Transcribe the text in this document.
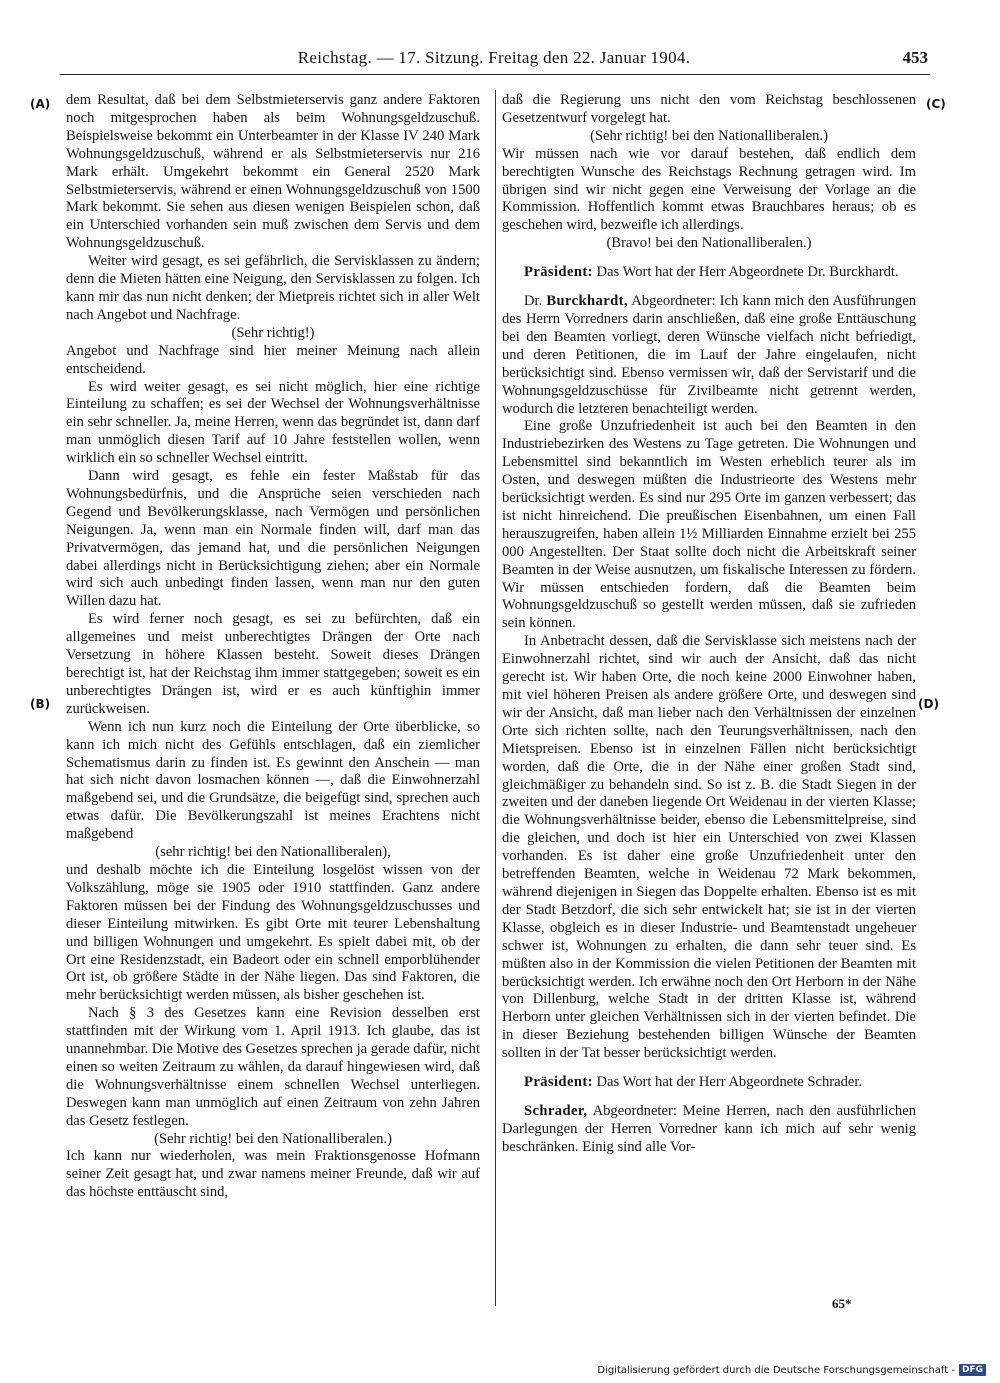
Reichstag. — 17. Sitzung. Freitag den 22. Januar 1904.	453
(A)
(B)
(C)
(D)

dem Resultat, daß bei dem Selbstmieterservis ganz andere Faktoren noch mitgesprochen haben als beim Wohnungsgeldzuschuß. Beispielsweise bekommt ein Unterbeamter in der Klasse IV 240 Mark Wohnungsgeldzuschuß, während er als Selbstmieterservis nur 216 Mark erhält. Umgekehrt bekommt ein General 2520 Mark Selbstmieterservis, während er einen Wohnungsgeldzuschuß von 1500 Mark bekommt. Sie sehen aus diesen wenigen Beispielen schon, daß ein Unterschied vorhanden sein muß zwischen dem Servis und dem Wohnungsgeldzuschuß.

Weiter wird gesagt, es sei gefährlich, die Servisklassen zu ändern; denn die Mieten hätten eine Neigung, den Servisklassen zu folgen. Ich kann mir das nun nicht denken; der Mietpreis richtet sich in aller Welt nach Angebot und Nachfrage.

(Sehr richtig!)

Angebot und Nachfrage sind hier meiner Meinung nach allein entscheidend.

Es wird weiter gesagt, es sei nicht möglich, hier eine richtige Einteilung zu schaffen; es sei der Wechsel der Wohnungsverhältnisse ein sehr schneller. Ja, meine Herren, wenn das begründet ist, dann darf man unmöglich diesen Tarif auf 10 Jahre feststellen wollen, wenn wirklich ein so schneller Wechsel eintritt.

Dann wird gesagt, es fehle ein fester Maßstab für das Wohnungsbedürfnis, und die Ansprüche seien verschieden nach Gegend und Bevölkerungsklasse, nach Vermögen und persönlichen Neigungen. Ja, wenn man ein Normale finden will, darf man das Privatvermögen, das jemand hat, und die persönlichen Neigungen dabei allerdings nicht in Berücksichtigung ziehen; aber ein Normale wird sich auch unbedingt finden lassen, wenn man nur den guten Willen dazu hat.

Es wird ferner noch gesagt, es sei zu befürchten, daß ein allgemeines und meist unberechtigtes Drängen der Orte nach Versetzung in höhere Klassen besteht. Soweit dieses Drängen berechtigt ist, hat der Reichstag ihm immer stattgegeben; soweit es ein unberechtigtes Drängen ist, wird er es auch künftighin immer zurückweisen.

Wenn ich nun kurz noch die Einteilung der Orte überblicke, so kann ich mich nicht des Gefühls entschlagen, daß ein ziemlicher Schematismus darin zu finden ist. Es gewinnt den Anschein — man hat sich nicht davon losmachen können —, daß die Einwohnerzahl maßgebend sei, und die Grundsätze, die beigefügt sind, sprechen auch etwas dafür. Die Bevölkerungszahl ist meines Erachtens nicht maßgebend

(sehr richtig! bei den Nationalliberalen),

und deshalb möchte ich die Einteilung losgelöst wissen von der Volkszählung, möge sie 1905 oder 1910 stattfinden. Ganz andere Faktoren müssen bei der Findung des Wohnungsgeldzuschusses und dieser Einteilung mitwirken. Es gibt Orte mit teurer Lebenshaltung und billigen Wohnungen und umgekehrt. Es spielt dabei mit, ob der Ort eine Residenzstadt, ein Badeort oder ein schnell emporblühender Ort ist, ob größere Städte in der Nähe liegen. Das sind Faktoren, die mehr berücksichtigt werden müssen, als bisher geschehen ist.

Nach § 3 des Gesetzes kann eine Revision desselben erst stattfinden mit der Wirkung vom 1. April 1913. Ich glaube, das ist unannehmbar. Die Motive des Gesetzes sprechen ja gerade dafür, nicht einen so weiten Zeitraum zu wählen, da darauf hingewiesen wird, daß die Wohnungsverhältnisse einem schnellen Wechsel unterliegen. Deswegen kann man unmöglich auf einen Zeitraum von zehn Jahren das Gesetz festlegen.

(Sehr richtig! bei den Nationalliberalen.)

Ich kann nur wiederholen, was mein Fraktionsgenosse Hofmann seiner Zeit gesagt hat, und zwar namens meiner Freunde, daß wir auf das höchste enttäuscht sind,

daß die Regierung uns nicht den vom Reichstag beschlossenen Gesetzentwurf vorgelegt hat.

(Sehr richtig! bei den Nationalliberalen.)

Wir müssen nach wie vor darauf bestehen, daß endlich dem berechtigten Wunsche des Reichstags Rechnung getragen wird. Im übrigen sind wir nicht gegen eine Verweisung der Vorlage an die Kommission. Hoffentlich kommt etwas Brauchbares heraus; ob es geschehen wird, bezweifle ich allerdings.

(Bravo! bei den Nationalliberalen.)

Präsident: Das Wort hat der Herr Abgeordnete Dr. Burckhardt.

Dr. Burckhardt, Abgeordneter: Ich kann mich den Ausführungen des Herrn Vorredners darin anschließen, daß eine große Enttäuschung bei den Beamten vorliegt, deren Wünsche vielfach nicht befriedigt, und deren Petitionen, die im Lauf der Jahre eingelaufen, nicht berücksichtigt sind. Ebenso vermissen wir, daß der Servistarif und die Wohnungsgeldzuschüsse für Zivilbeamte nicht getrennt werden, wodurch die letzteren benachteiligt werden.

Eine große Unzufriedenheit ist auch bei den Beamten in den Industriebezirken des Westens zu Tage getreten. Die Wohnungen und Lebensmittel sind bekanntlich im Westen erheblich teurer als im Osten, und deswegen müßten die Industrieorte des Westens mehr berücksichtigt werden. Es sind nur 295 Orte im ganzen verbessert; das ist nicht hinreichend. Die preußischen Eisenbahnen, um einen Fall herauszugreifen, haben allein 1½ Milliarden Einnahme erzielt bei 255 000 Angestellten. Der Staat sollte doch nicht die Arbeitskraft seiner Beamten in der Weise ausnutzen, um fiskalische Interessen zu fördern. Wir müssen entschieden fordern, daß die Beamten beim Wohnungsgeldzuschuß so gestellt werden müssen, daß sie zufrieden sein können.

In Anbetracht dessen, daß die Servisklasse sich meistens nach der Einwohnerzahl richtet, sind wir auch der Ansicht, daß das nicht gerecht ist. Wir haben Orte, die noch keine 2000 Einwohner haben, mit viel höheren Preisen als andere größere Orte, und deswegen sind wir der Ansicht, daß man lieber nach den Verhältnissen der einzelnen Orte sich richten sollte, nach den Teurungsverhältnissen, nach den Mietspreisen. Ebenso ist in einzelnen Fällen nicht berücksichtigt worden, daß die Orte, die in der Nähe einer großen Stadt sind, gleichmäßiger zu behandeln sind. So ist z. B. die Stadt Siegen in der zweiten und der daneben liegende Ort Weidenau in der vierten Klasse; die Wohnungsverhältnisse beider, ebenso die Lebensmittelpreise, sind die gleichen, und doch ist hier ein Unterschied von zwei Klassen vorhanden. Es ist daher eine große Unzufriedenheit unter den betreffenden Beamten, welche in Weidenau 72 Mark bekommen, während diejenigen in Siegen das Doppelte erhalten. Ebenso ist es mit der Stadt Betzdorf, die sich sehr entwickelt hat; sie ist in der vierten Klasse, obgleich es in dieser Industrie- und Beamtenstadt ungeheuer schwer ist, Wohnungen zu erhalten, die dann sehr teuer sind. Es müßten also in der Kommission die vielen Petitionen der Beamten mit berücksichtigt werden. Ich erwähne noch den Ort Herborn in der Nähe von Dillenburg, welche Stadt in der dritten Klasse ist, während Herborn unter gleichen Verhältnissen sich in der vierten befindet. Die in dieser Beziehung bestehenden billigen Wünsche der Beamten sollten in der Tat besser berücksichtigt werden.

Präsident: Das Wort hat der Herr Abgeordnete Schrader.

Schrader, Abgeordneter: Meine Herren, nach den ausführlichen Darlegungen der Herren Vorredner kann ich mich auf sehr wenig beschränken. Einig sind alle Vor-

65*
Digitalisierung gefördert durch die Deutsche Forschungsgemeinschaft - DFG
